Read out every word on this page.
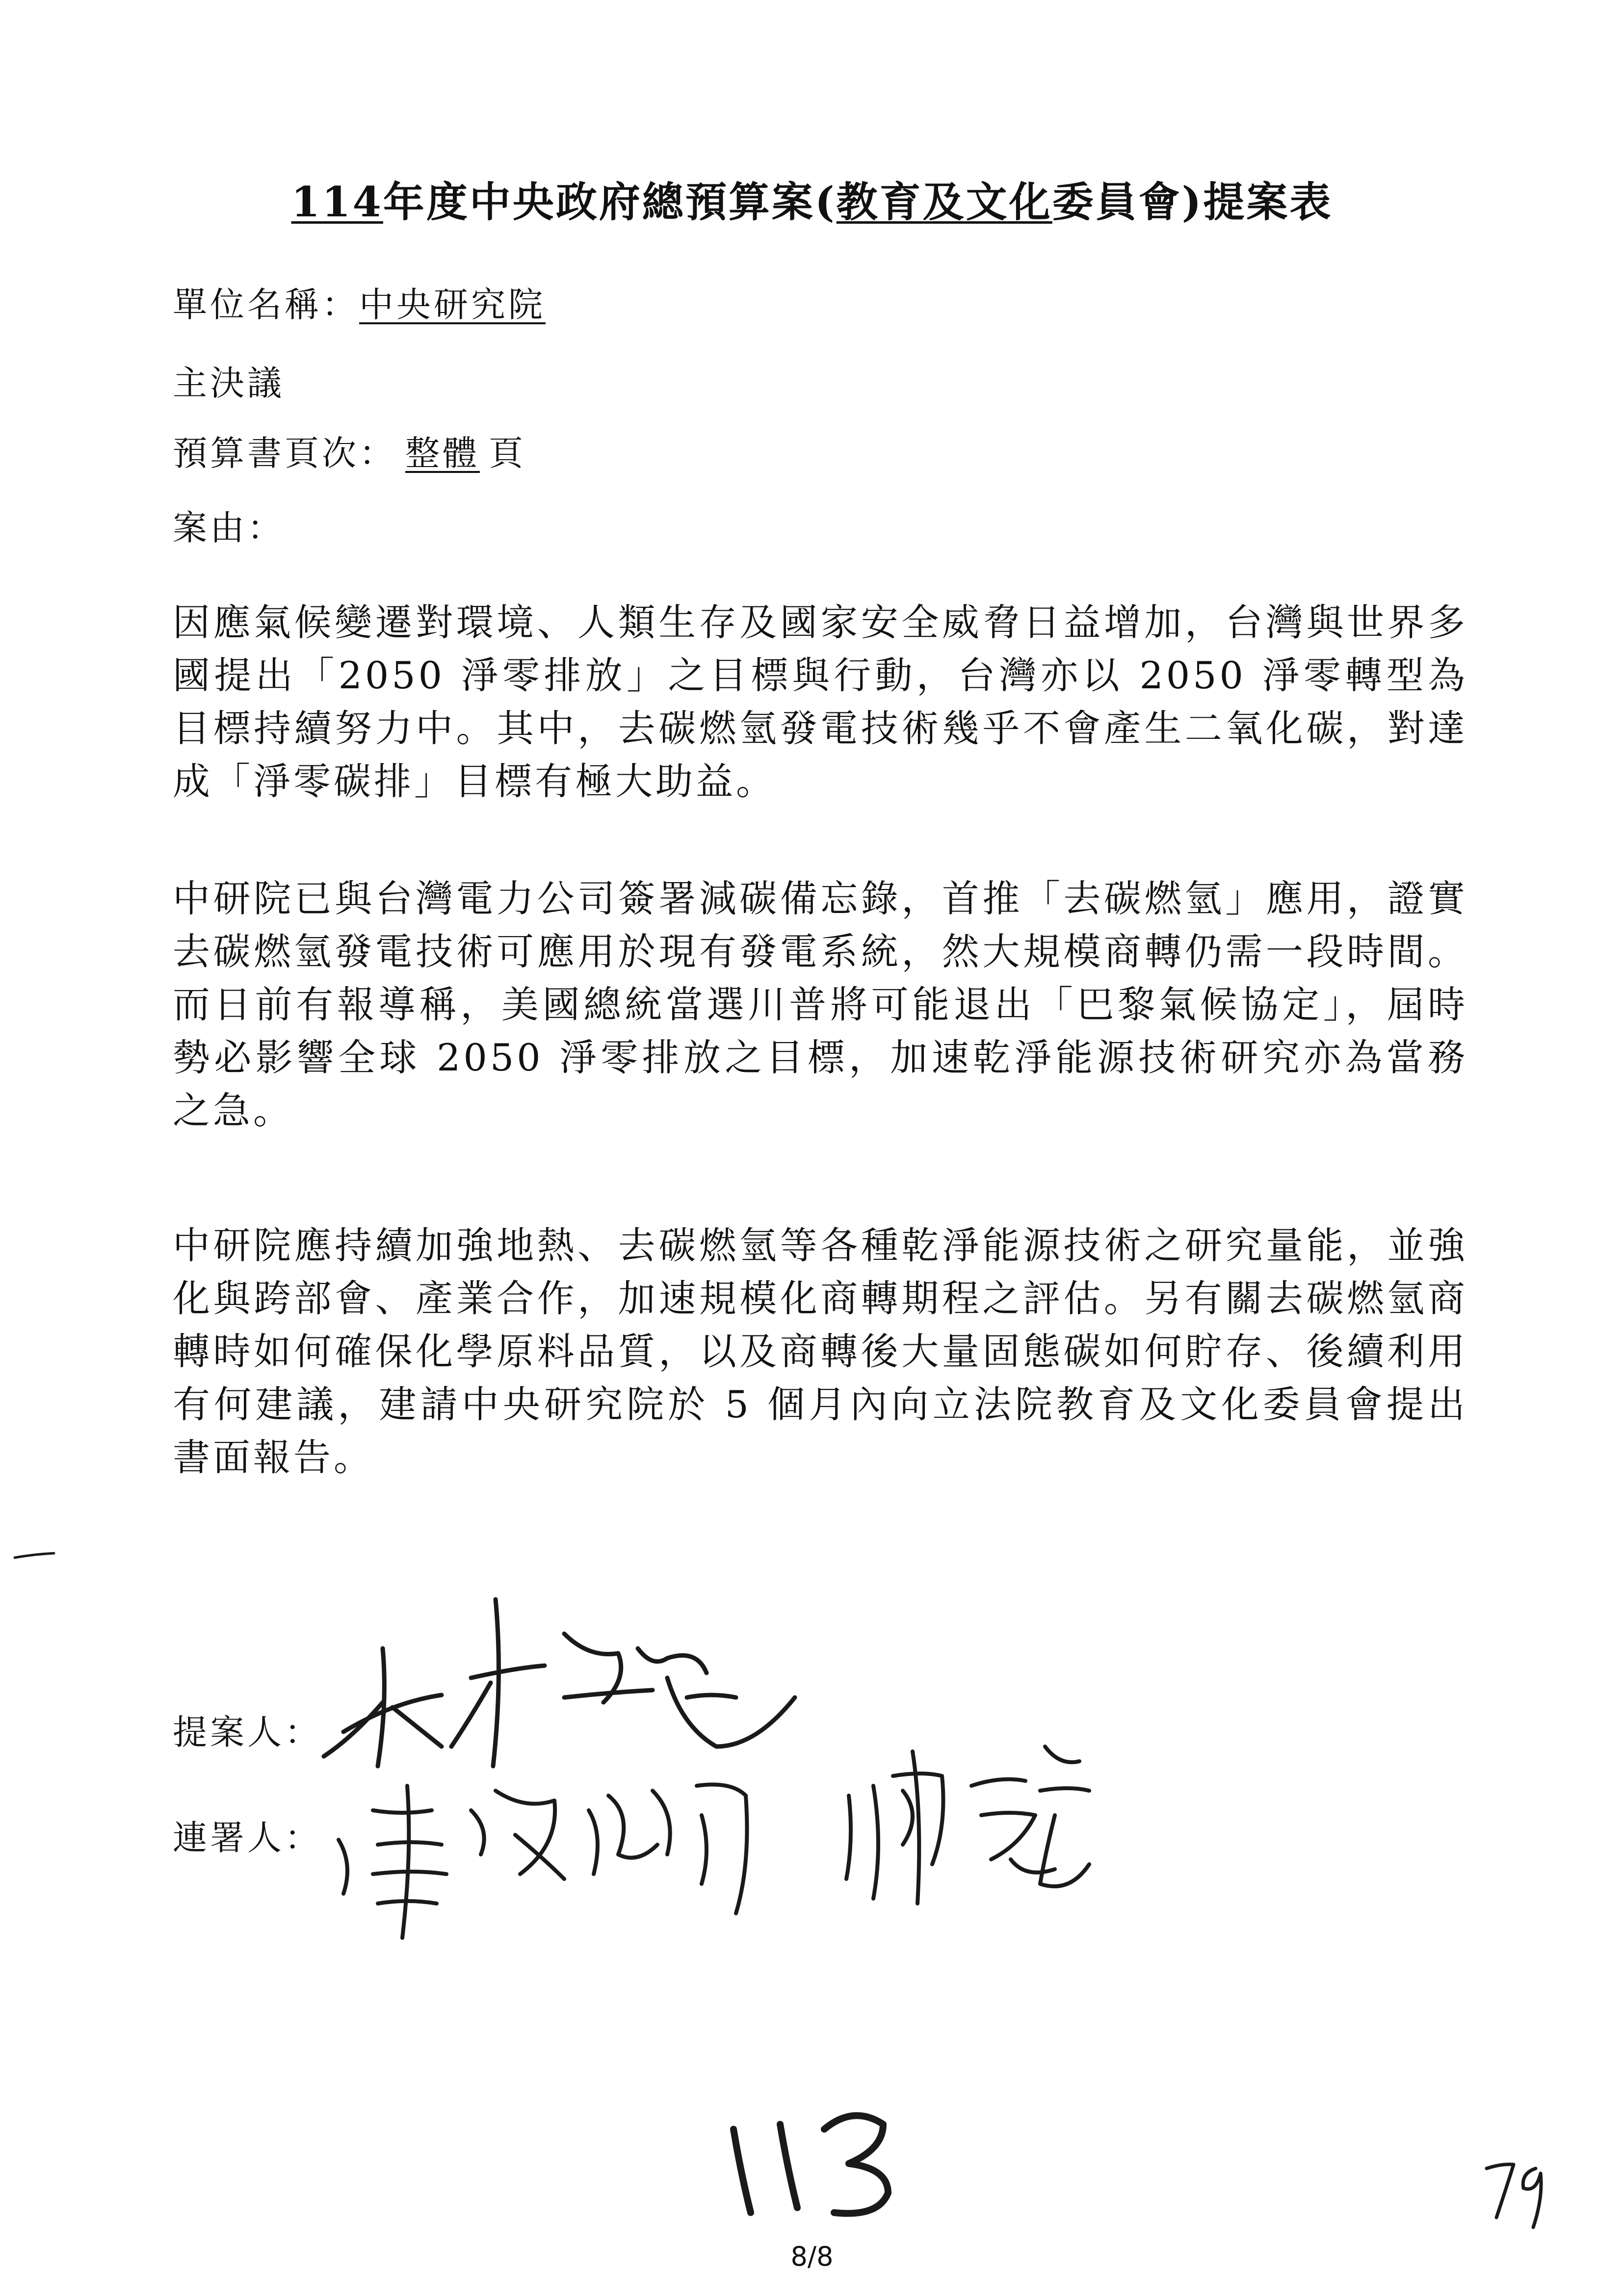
114年度中央政府總預算案(教育及文化委員會)提案表
單位名稱：中央研究院
主決議
預算書頁次： 整體 頁
案由：
因應氣候變遷對環境、人類生存及國家安全威脅日益增加，台灣與世界多國提出「2050 淨零排放」之目標與行動，台灣亦以 2050 淨零轉型為目標持續努力中。其中，去碳燃氫發電技術幾乎不會產生二氧化碳，對達成「淨零碳排」目標有極大助益。
中研院已與台灣電力公司簽署減碳備忘錄，首推「去碳燃氫」應用，證實去碳燃氫發電技術可應用於現有發電系統，然大規模商轉仍需一段時間。而日前有報導稱，美國總統當選川普將可能退出「巴黎氣候協定」，屆時勢必影響全球 2050 淨零排放之目標，加速乾淨能源技術研究亦為當務之急。
中研院應持續加強地熱、去碳燃氫等各種乾淨能源技術之研究量能，並強化與跨部會、產業合作，加速規模化商轉期程之評估。另有關去碳燃氫商轉時如何確保化學原料品質，以及商轉後大量固態碳如何貯存、後續利用有何建議，建請中央研究院於 5 個月內向立法院教育及文化委員會提出書面報告。
提案人：
連署人：
8/8
